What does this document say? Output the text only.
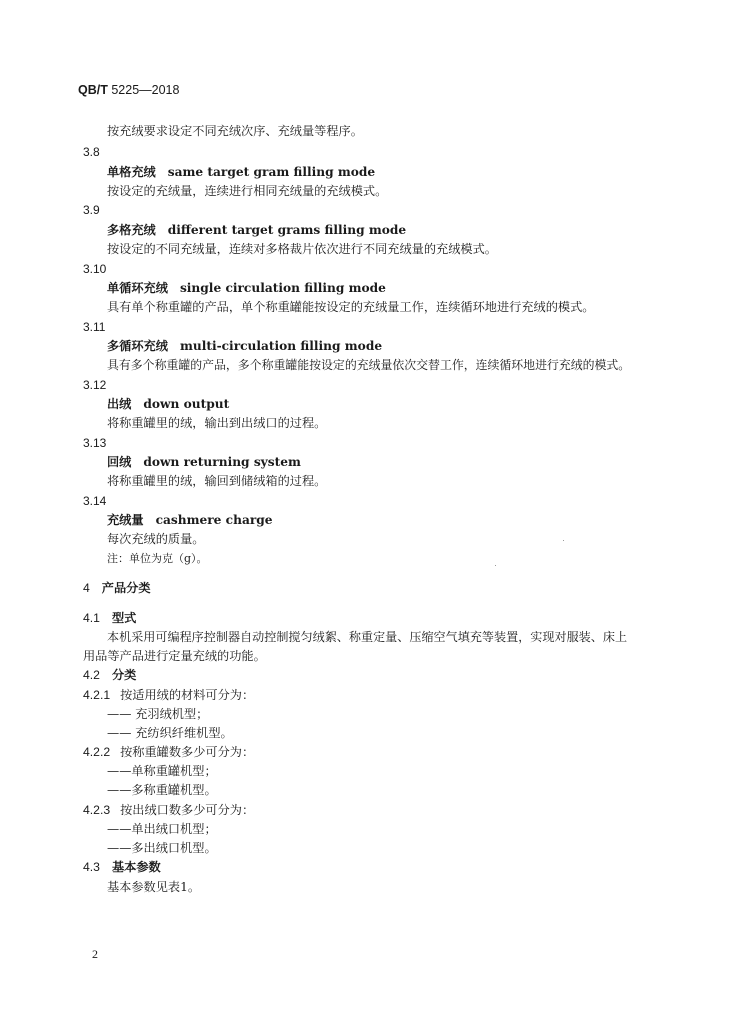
QB/T 5225—2018
按充绒要求设定不同充绒次序、充绒量等程序。
3.8
单格充绒 same target gram filling mode
按设定的充绒量，连续进行相同充绒量的充绒模式。
3.9
多格充绒 different target grams filling mode
按设定的不同充绒量，连续对多格裁片依次进行不同充绒量的充绒模式。
3.10
单循环充绒 single circulation filling mode
具有单个称重罐的产品，单个称重罐能按设定的充绒量工作，连续循环地进行充绒的模式。
3.11
多循环充绒 multi-circulation filling mode
具有多个称重罐的产品，多个称重罐能按设定的充绒量依次交替工作，连续循环地进行充绒的模式。
3.12
出绒 down output
将称重罐里的绒，输出到出绒口的过程。
3.13
回绒 down returning system
将称重罐里的绒，输回到储绒箱的过程。
3.14
充绒量 cashmere charge
每次充绒的质量。
注：单位为克（g）。
4 产品分类
4.1 型式
本机采用可编程序控制器自动控制搅匀绒絮、称重定量、压缩空气填充等装置，实现对服装、床上
用品等产品进行定量充绒的功能。
4.2 分类
4.2.1 按适用绒的材料可分为：
—— 充羽绒机型；
—— 充纺织纤维机型。
4.2.2 按称重罐数多少可分为：
——单称重罐机型；
——多称重罐机型。
4.2.3 按出绒口数多少可分为：
——单出绒口机型；
——多出绒口机型。
4.3 基本参数
基本参数见表1。
2
